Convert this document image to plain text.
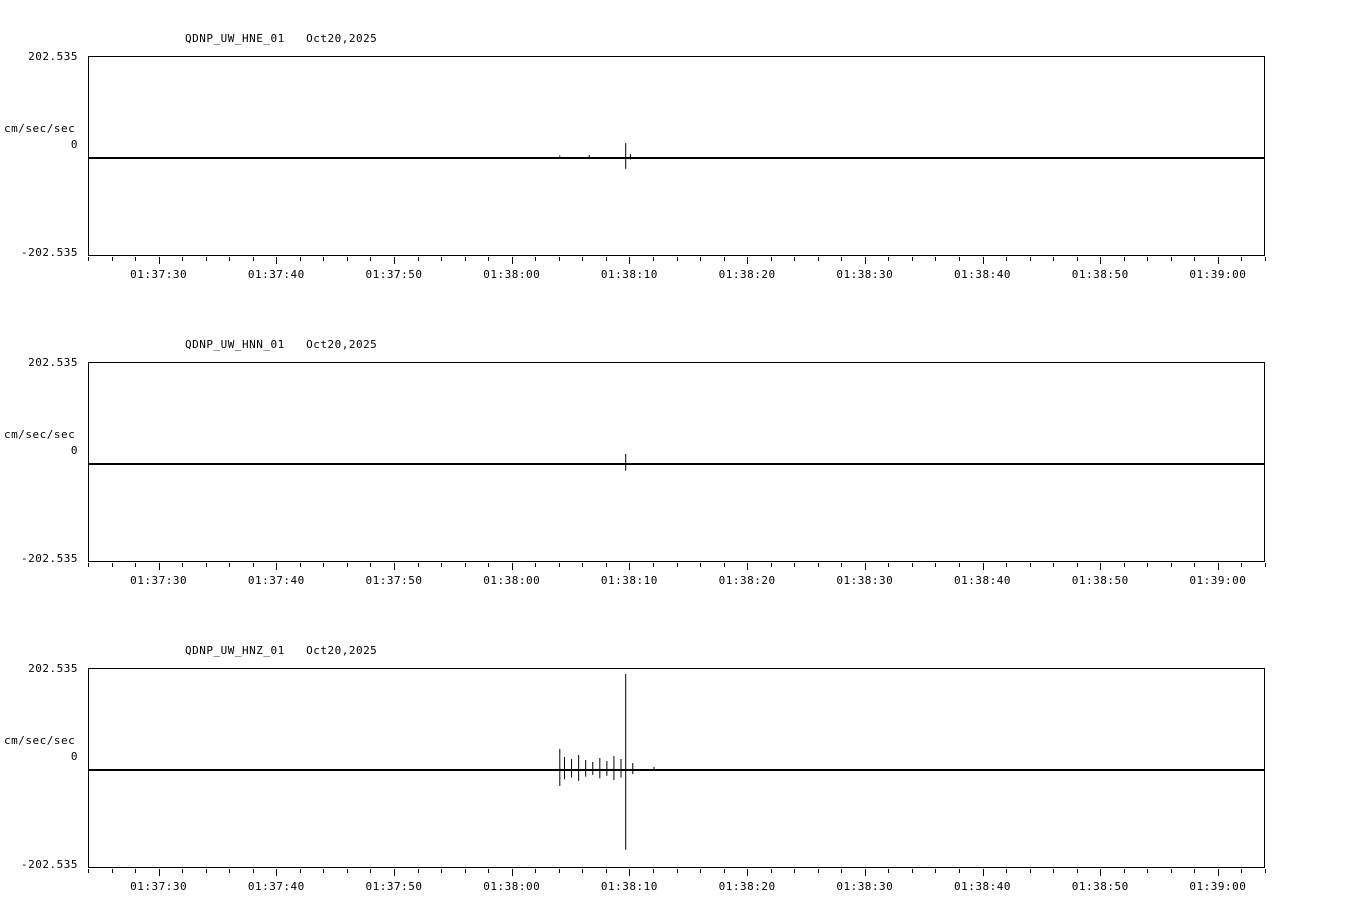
QDNP_UW_HNE_01   Oct20,2025
cm/sec/sec
202.535
0
-202.535
01:37:30	01:37:40	01:37:50	01:38:00	01:38:10	01:38:20	01:38:30	01:38:40	01:38:50	01:39:00
QDNP_UW_HNN_01   Oct20,2025
cm/sec/sec
202.535
0
-202.535
01:37:30	01:37:40	01:37:50	01:38:00	01:38:10	01:38:20	01:38:30	01:38:40	01:38:50	01:39:00
QDNP_UW_HNZ_01   Oct20,2025
cm/sec/sec
202.535
0
-202.535
01:37:30	01:37:40	01:37:50	01:38:00	01:38:10	01:38:20	01:38:30	01:38:40	01:38:50	01:39:00
